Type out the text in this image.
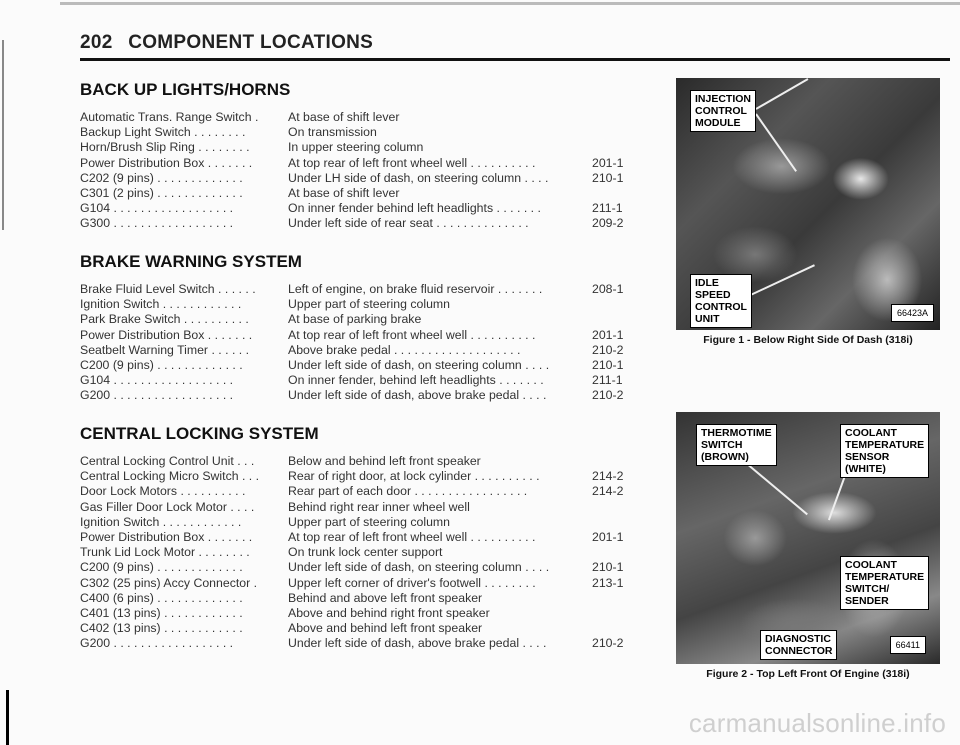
202 COMPONENT LOCATIONS
BACK UP LIGHTS/HORNS
Automatic Trans. Range Switch .	At base of shift lever
Backup Light Switch . . . . . . . .	On transmission
Horn/Brush Slip Ring . . . . . . . .	In upper steering column
Power Distribution Box . . . . . . .	At top rear of left front wheel well . . . . . . . . . .	201-1
C202 (9 pins) . . . . . . . . . . . . .	Under LH side of dash, on steering column . . . .	210-1
C301 (2 pins) . . . . . . . . . . . . .	At base of shift lever
G104 . . . . . . . . . . . . . . . . . .	On inner fender behind left headlights . . . . . . .	211-1
G300 . . . . . . . . . . . . . . . . . .	Under left side of rear seat . . . . . . . . . . . . . .	209-2
BRAKE WARNING SYSTEM
Brake Fluid Level Switch . . . . . .	Left of engine, on brake fluid reservoir . . . . . . .	208-1
Ignition Switch . . . . . . . . . . . .	Upper part of steering column
Park Brake Switch . . . . . . . . . .	At base of parking brake
Power Distribution Box . . . . . . .	At top rear of left front wheel well . . . . . . . . . .	201-1
Seatbelt Warning Timer . . . . . .	Above brake pedal . . . . . . . . . . . . . . . . . . .	210-2
C200 (9 pins) . . . . . . . . . . . . .	Under left side of dash, on steering column . . . .	210-1
G104 . . . . . . . . . . . . . . . . . .	On inner fender, behind left headlights . . . . . . .	211-1
G200 . . . . . . . . . . . . . . . . . .	Under left side of dash, above brake pedal . . . .	210-2
CENTRAL LOCKING SYSTEM
Central Locking Control Unit . . .	Below and behind left front speaker
Central Locking Micro Switch . . .	Rear of right door, at lock cylinder . . . . . . . . . .	214-2
Door Lock Motors . . . . . . . . . .	Rear part of each door . . . . . . . . . . . . . . . . .	214-2
Gas Filler Door Lock Motor . . . .	Behind right rear inner wheel well
Ignition Switch . . . . . . . . . . . .	Upper part of steering column
Power Distribution Box . . . . . . .	At top rear of left front wheel well . . . . . . . . . .	201-1
Trunk Lid Lock Motor . . . . . . . .	On trunk lock center support
C200 (9 pins) . . . . . . . . . . . . .	Under left side of dash, on steering column . . . .	210-1
C302 (25 pins) Accy Connector .	Upper left corner of driver's footwell . . . . . . . .	213-1
C400 (6 pins) . . . . . . . . . . . . .	Behind and above left front speaker
C401 (13 pins) . . . . . . . . . . . .	Above and behind right front speaker
C402 (13 pins) . . . . . . . . . . . .	Above and behind left front speaker
G200 . . . . . . . . . . . . . . . . . .	Under left side of dash, above brake pedal . . . .	210-2
INJECTION
CONTROL
MODULE
IDLE
SPEED
CONTROL
UNIT	66423A
Figure 1 - Below Right Side Of Dash (318i)
THERMOTIME
SWITCH
(BROWN)
COOLANT
TEMPERATURE
SENSOR
(WHITE)
COOLANT
TEMPERATURE
SWITCH/
SENDER
DIAGNOSTIC
CONNECTOR	66411
Figure 2 - Top Left Front Of Engine (318i)
carmanualsonline.info
